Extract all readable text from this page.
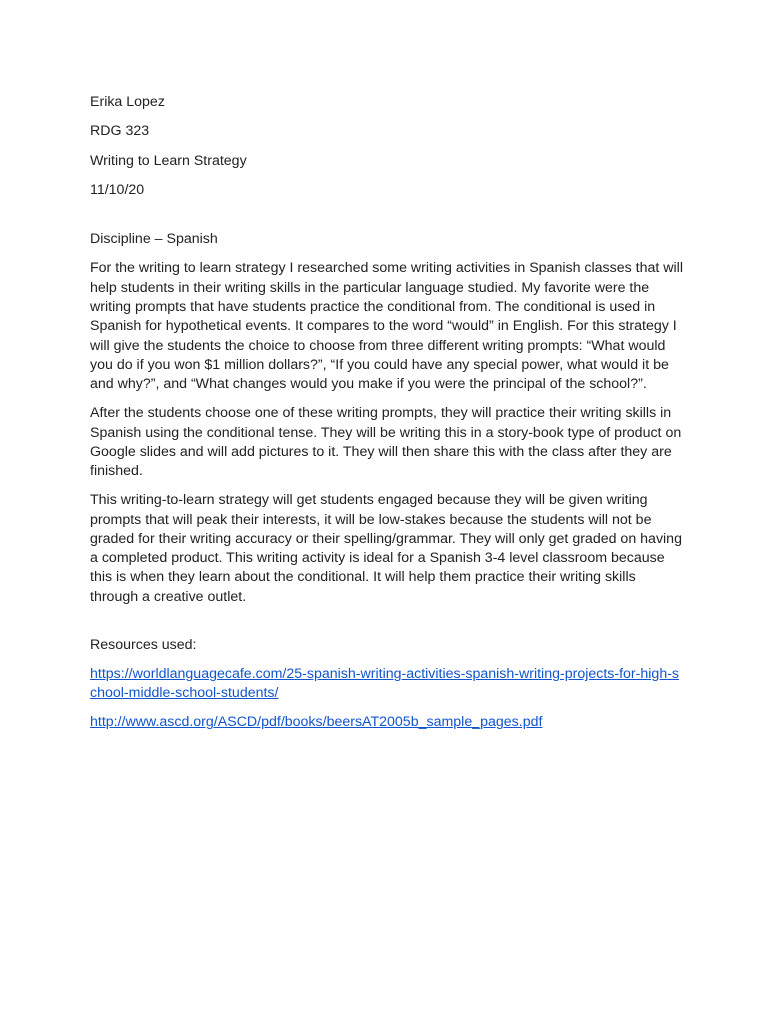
Erika Lopez
RDG 323
Writing to Learn Strategy
11/10/20
Discipline – Spanish

For the writing to learn strategy I researched some writing activities in Spanish classes that will help students in their writing skills in the particular language studied. My favorite were the writing prompts that have students practice the conditional from. The conditional is used in Spanish for hypothetical events. It compares to the word “would” in English. For this strategy I will give the students the choice to choose from three different writing prompts: “What would you do if you won $1 million dollars?”, “If you could have any special power, what would it be and why?”, and “What changes would you make if you were the principal of the school?”.

After the students choose one of these writing prompts, they will practice their writing skills in Spanish using the conditional tense. They will be writing this in a story-book type of product on Google slides and will add pictures to it. They will then share this with the class after they are finished.

This writing-to-learn strategy will get students engaged because they will be given writing prompts that will peak their interests, it will be low-stakes because the students will not be graded for their writing accuracy or their spelling/grammar. They will only get graded on having a completed product. This writing activity is ideal for a Spanish 3-4 level classroom because this is when they learn about the conditional. It will help them practice their writing skills through a creative outlet.

Resources used:
https://worldlanguagecafe.com/25-spanish-writing-activities-spanish-writing-projects-for-high-school-middle-school-students/
http://www.ascd.org/ASCD/pdf/books/beersAT2005b_sample_pages.pdf
